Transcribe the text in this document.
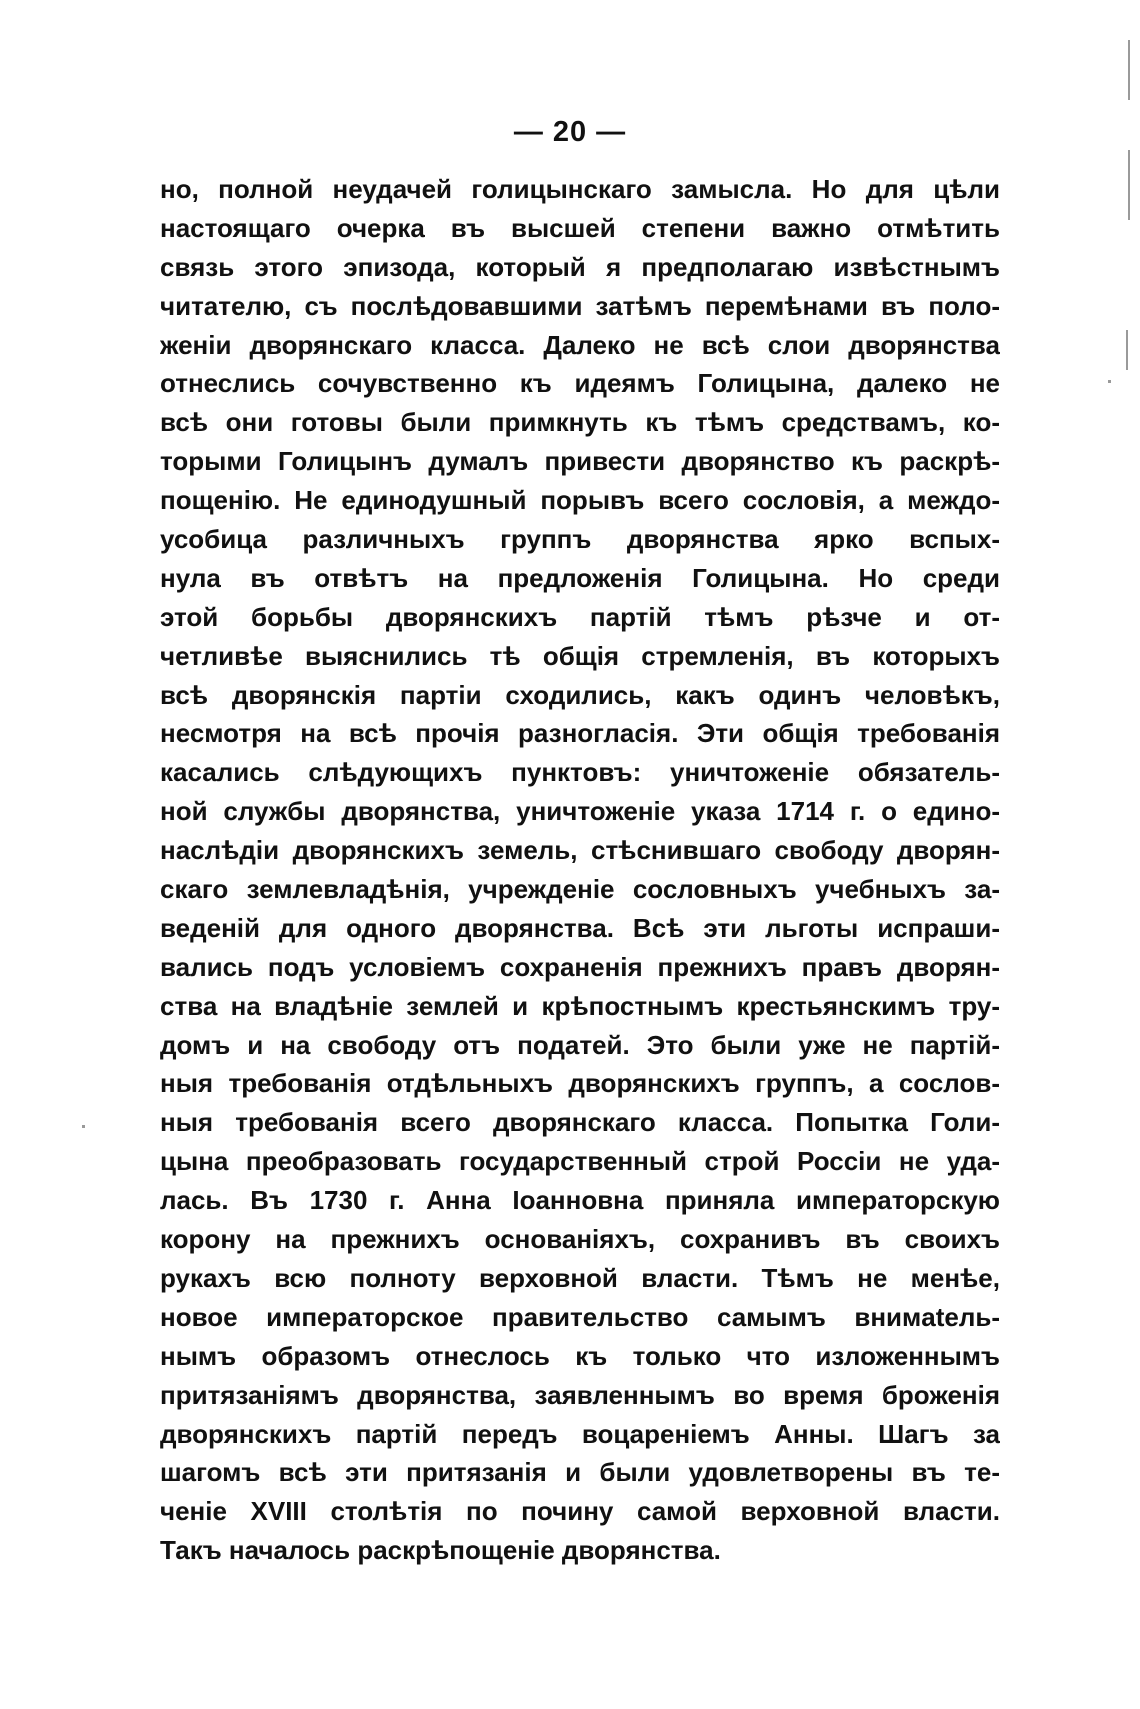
— 20 —
но, полной неудачей голицынскаго замысла. Но для цѣли
настоящаго очерка въ высшей степени важно отмѣтить
связь этого эпизода, который я предполагаю извѣстнымъ
читателю, съ послѣдовавшими затѣмъ перемѣнами въ поло-
женіи дворянскаго класса. Далеко не всѣ слои дворянства
отнеслись сочувственно къ идеямъ Голицына, далеко не
всѣ они готовы были примкнуть къ тѣмъ средствамъ, ко-
торыми Голицынъ думалъ привести дворянство къ раскрѣ-
пощенію. Не единодушный порывъ всего сословія, а междо-
усобица различныхъ группъ дворянства ярко вспых-
нула въ отвѣтъ на предложенія Голицына. Но среди
этой борьбы дворянскихъ партій тѣмъ рѣзче и от-
четливѣе выяснились тѣ общія стремленія, въ которыхъ
всѣ дворянскія партіи сходились, какъ одинъ человѣкъ,
несмотря на всѣ прочія разногласія. Эти общія требованія
касались слѣдующихъ пунктовъ: уничтоженіе обязатель-
ной службы дворянства, уничтоженіе указа 1714 г. о едино-
наслѣдіи дворянскихъ земель, стѣснившаго свободу дворян-
скаго землевладѣнія, учрежденіе сословныхъ учебныхъ за-
веденій для одного дворянства. Всѣ эти льготы испраши-
вались подъ условіемъ сохраненія прежнихъ правъ дворян-
ства на владѣніе землей и крѣпостнымъ крестьянскимъ тру-
домъ и на свободу отъ податей. Это были уже не партій-
ныя требованія отдѣльныхъ дворянскихъ группъ, а сослов-
ныя требованія всего дворянскаго класса. Попытка Голи-
цына преобразовать государственный строй Россіи не уда-
лась. Въ 1730 г. Анна Іоанновна приняла императорскую
корону на прежнихъ основаніяхъ, сохранивъ въ своихъ
рукахъ всю полноту верховной власти. Тѣмъ не менѣе,
новое императорское правительство самымъ внимatель-
нымъ образомъ отнеслось къ только что изложеннымъ
притязаніямъ дворянства, заявленнымъ во время броженія
дворянскихъ партій передъ воцареніемъ Анны. Шагъ за
шагомъ всѣ эти притязанія и были удовлетворены въ те-
ченіе XVIII столѣтія по почину самой верховной власти.
Такъ началось раскрѣпощеніе дворянства.
